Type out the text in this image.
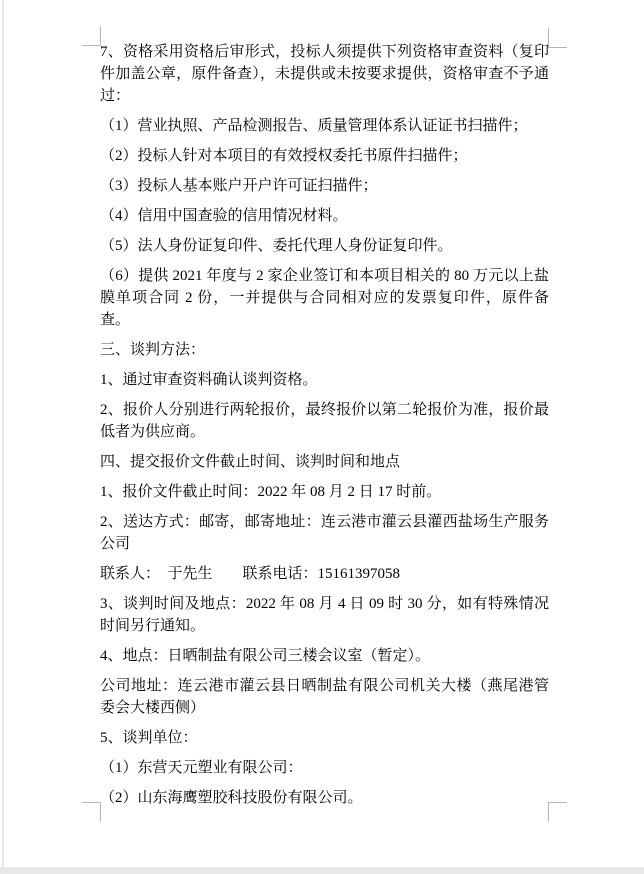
7、资格采用资格后审形式，投标人须提供下列资格审查资料（复印件加盖公章，原件备查），未提供或未按要求提供，资格审查不予通过：

（1）营业执照、产品检测报告、质量管理体系认证证书扫描件；

（2）投标人针对本项目的有效授权委托书原件扫描件；

（3）投标人基本账户开户许可证扫描件；

（4）信用中国查验的信用情况材料。

（5）法人身份证复印件、委托代理人身份证复印件。

（6）提供 2021 年度与 2 家企业签订和本项目相关的 80 万元以上盐膜单项合同 2 份，一并提供与合同相对应的发票复印件，原件备查。

三、谈判方法：

1、通过审查资料确认谈判资格。

2、报价人分别进行两轮报价，最终报价以第二轮报价为准，报价最低者为供应商。

四、提交报价文件截止时间、谈判时间和地点

1、报价文件截止时间：2022 年 08 月 2 日 17 时前。

2、送达方式：邮寄，邮寄地址：连云港市灌云县灌西盐场生产服务公司

联系人：  于先生        联系电话：15161397058

3、谈判时间及地点：2022 年 08 月 4 日 09 时 30 分，如有特殊情况时间另行通知。

4、地点：日晒制盐有限公司三楼会议室（暂定）。

公司地址：连云港市灌云县日晒制盐有限公司机关大楼（燕尾港管委会大楼西侧）

5、谈判单位：

（1）东营天元塑业有限公司：

（2）山东海鹰塑胶科技股份有限公司。
